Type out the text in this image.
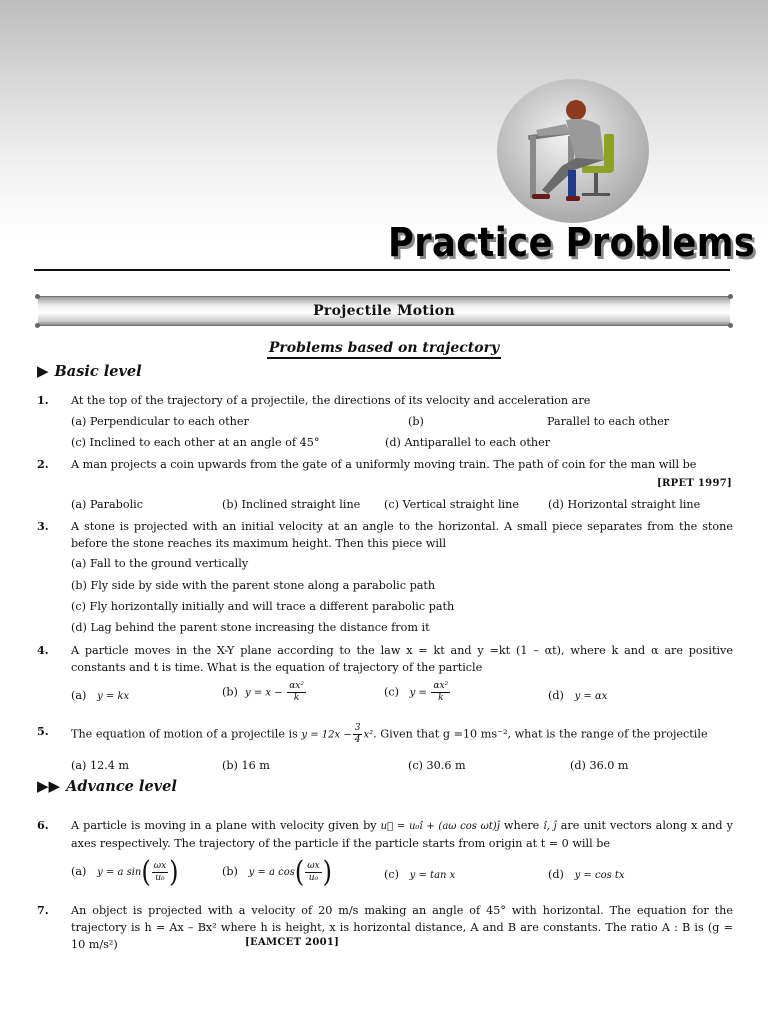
Practice Problems
Projectile Motion
Problems based on trajectory
▶ Basic level
1. At the top of the trajectory of a projectile, the directions of its velocity and acceleration are
(a) Perpendicular to each other	(b)	Parallel to each other
(c) Inclined to each other at an angle of 45°	(d) Antiparallel to each other
2. A man projects a coin upwards from the gate of a uniformly moving train. The path of coin for the man will be
[RPET 1997]
(a) Parabolic	(b) Inclined straight line (c) Vertical straight line	(d) Horizontal straight line
3. A stone is projected with an initial velocity at an angle to the horizontal. A small piece separates from the stone before the stone reaches its maximum height. Then this piece will
(a) Fall to the ground vertically
(b) Fly side by side with the parent stone along a parabolic path
(c) Fly horizontally initially and will trace a different parabolic path
(d) Lag behind the parent stone increasing the distance from it
4. A particle moves in the X-Y plane according to the law x = kt and y =kt (1 – αt), where k and α are positive constants and t is time. What is the equation of trajectory of the particle
(a) y = kx	(b) $y = x - \frac{\text{αx²}}{k}$	(c) $y = \frac{\text{αx²}}{k}$	(d) y = αx
5. The equation of motion of a projectile is $y = 12x - \frac{3}{4} x^2$. Given that g =10 ms⁻², what is the range of the projectile
(a) 12.4 m	(b) 16 m	(c) 30.6 m	(d) 36.0 m
▶▶ Advance level
6. A particle is moving in a plane with velocity given by u⃗ = u₀î + (aω cos ωt)ĵ where î, ĵ are unit vectors along x and y axes respectively. The trajectory of the particle if the particle starts from origin at t = 0 will be
(a) y = a $\sin( \frac{\omega x}{\text{u₀}}$ )	(b) y = a $\cos( \frac{\omega x}{\text{u₀}}$ )	(c) y = tan x	(d) y = cos tx
7. An object is projected with a velocity of 20 m/s making an angle of 45° with horizontal. The equation for the trajectory is h = Ax – Bx² where h is height, x is horizontal distance, A and B are constants. The ratio A : B is (g = 10 m/s²)	[EAMCET 2001]
